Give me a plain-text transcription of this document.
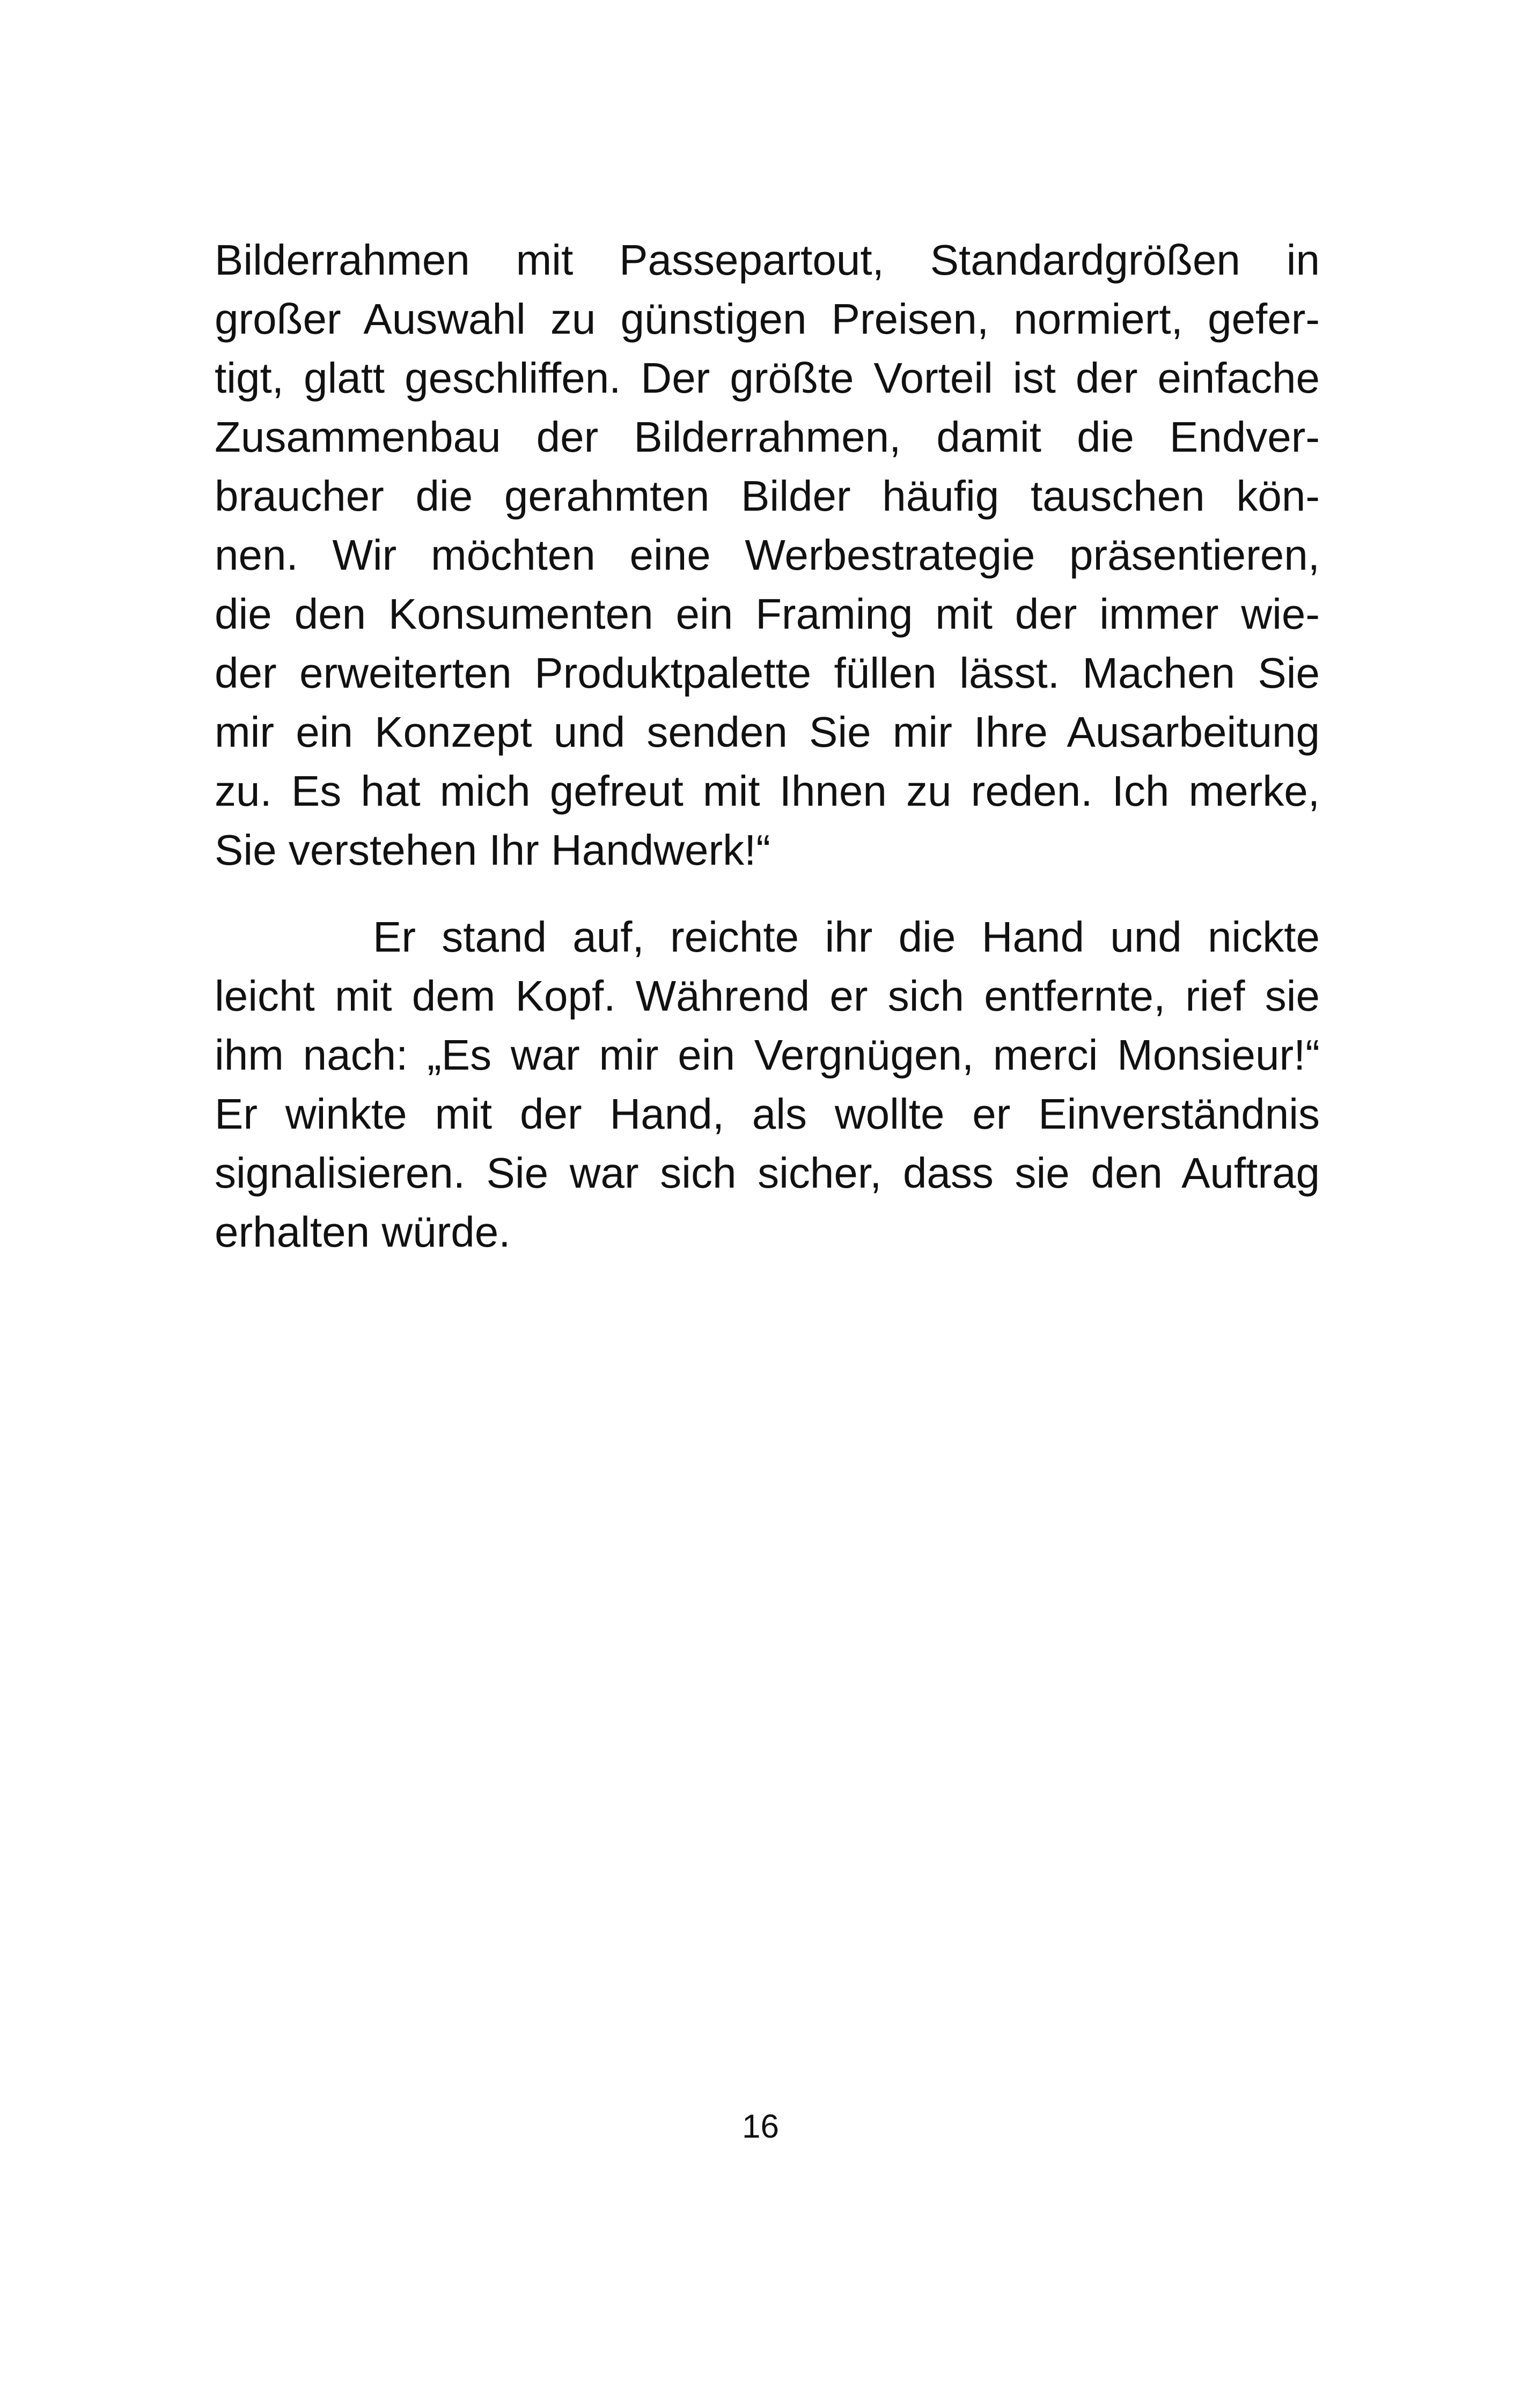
Bilderrahmen mit Passepartout, Standardgrößen in
großer Auswahl zu günstigen Preisen, normiert, gefer-
tigt, glatt geschliffen. Der größte Vorteil ist der einfache
Zusammenbau der Bilderrahmen, damit die Endver-
braucher die gerahmten Bilder häufig tauschen kön-
nen. Wir möchten eine Werbestrategie präsentieren,
die den Konsumenten ein Framing mit der immer wie-
der erweiterten Produktpalette füllen lässt. Machen Sie
mir ein Konzept und senden Sie mir Ihre Ausarbeitung
zu. Es hat mich gefreut mit Ihnen zu reden. Ich merke,
Sie verstehen Ihr Handwerk!“
Er stand auf, reichte ihr die Hand und nickte
leicht mit dem Kopf. Während er sich entfernte, rief sie
ihm nach: „Es war mir ein Vergnügen, merci Monsieur!“
Er winkte mit der Hand, als wollte er Einverständnis
signalisieren. Sie war sich sicher, dass sie den Auftrag
erhalten würde.
16
